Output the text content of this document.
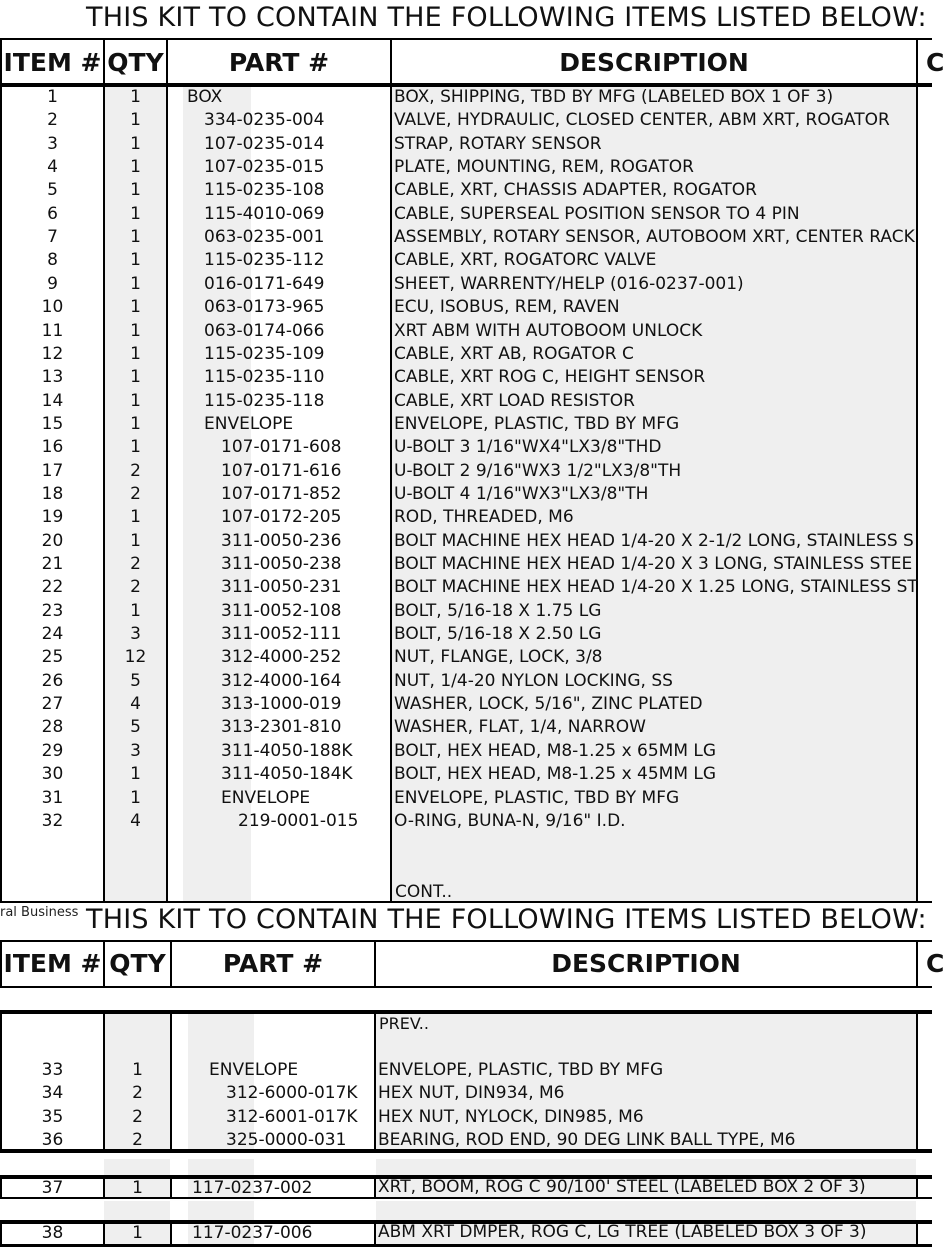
THIS KIT TO CONTAIN THE FOLLOWING ITEMS LISTED BELOW:
ITEM # QTY	PART #	DESCRIPTION	C
1	1	BOX	BOX, SHIPPING, TBD BY MFG (LABELED BOX 1 OF 3)
2	1	334-0235-004	VALVE, HYDRAULIC, CLOSED CENTER, ABM XRT, ROGATOR
3	1	107-0235-014	STRAP, ROTARY SENSOR
4	1	107-0235-015	PLATE, MOUNTING, REM, ROGATOR
5	1	115-0235-108	CABLE, XRT, CHASSIS ADAPTER, ROGATOR
6	1	115-4010-069	CABLE, SUPERSEAL POSITION SENSOR TO 4 PIN
7	1	063-0235-001	ASSEMBLY, ROTARY SENSOR, AUTOBOOM XRT, CENTER RACK
8	1	115-0235-112	CABLE, XRT, ROGATORC VALVE
9	1	016-0171-649	SHEET, WARRENTY/HELP (016-0237-001)
10	1	063-0173-965	ECU, ISOBUS, REM, RAVEN
11	1	063-0174-066	XRT ABM WITH AUTOBOOM UNLOCK
12	1	115-0235-109	CABLE, XRT AB, ROGATOR C
13	1	115-0235-110	CABLE, XRT ROG C, HEIGHT SENSOR
14	1	115-0235-118	CABLE, XRT LOAD RESISTOR
15	1	ENVELOPE	ENVELOPE, PLASTIC, TBD BY MFG
16	1	107-0171-608	U-BOLT 3 1/16"WX4"LX3/8"THD
17	2	107-0171-616	U-BOLT 2 9/16"WX3 1/2"LX3/8"TH
18	2	107-0171-852	U-BOLT 4 1/16"WX3"LX3/8"TH
19	1	107-0172-205	ROD, THREADED, M6
20	1	311-0050-236	BOLT MACHINE HEX HEAD 1/4-20 X 2-1/2 LONG, STAINLESS S
21	2	311-0050-238	BOLT MACHINE HEX HEAD 1/4-20 X 3 LONG, STAINLESS STEE
22	2	311-0050-231	BOLT MACHINE HEX HEAD 1/4-20 X 1.25 LONG, STAINLESS ST
23	1	311-0052-108	BOLT, 5/16-18 X 1.75 LG
24	3	311-0052-111	BOLT, 5/16-18 X 2.50 LG
25	12	312-4000-252	NUT, FLANGE, LOCK, 3/8
26	5	312-4000-164	NUT, 1/4-20 NYLON LOCKING, SS
27	4	313-1000-019	WASHER, LOCK, 5/16", ZINC PLATED
28	5	313-2301-810	WASHER, FLAT, 1/4, NARROW
29	3	311-4050-188K BOLT, HEX HEAD, M8-1.25 x 65MM LG
30	1	311-4050-184K BOLT, HEX HEAD, M8-1.25 x 45MM LG
31	1	ENVELOPE	ENVELOPE, PLASTIC, TBD BY MFG
32	4	219-0001-015 O-RING, BUNA-N, 9/16" I.D.
CONT..
ral Business THIS KIT TO CONTAIN THE FOLLOWING ITEMS LISTED BELOW:
ITEM # QTY	PART #	DESCRIPTION	C
PREV..
33	1	ENVELOPE	ENVELOPE, PLASTIC, TBD BY MFG
34	2	312-6000-017K HEX NUT, DIN934, M6
35	2	312-6001-017K HEX NUT, NYLOCK, DIN985, M6
36	2	325-0000-031 BEARING, ROD END, 90 DEG LINK BALL TYPE, M6
37	1	117-0237-002	XRT, BOOM, ROG C 90/100' STEEL (LABELED BOX 2 OF 3)
38	1	117-0237-006	ABM XRT DMPER, ROG C, LG TREE (LABELED BOX 3 OF 3)
